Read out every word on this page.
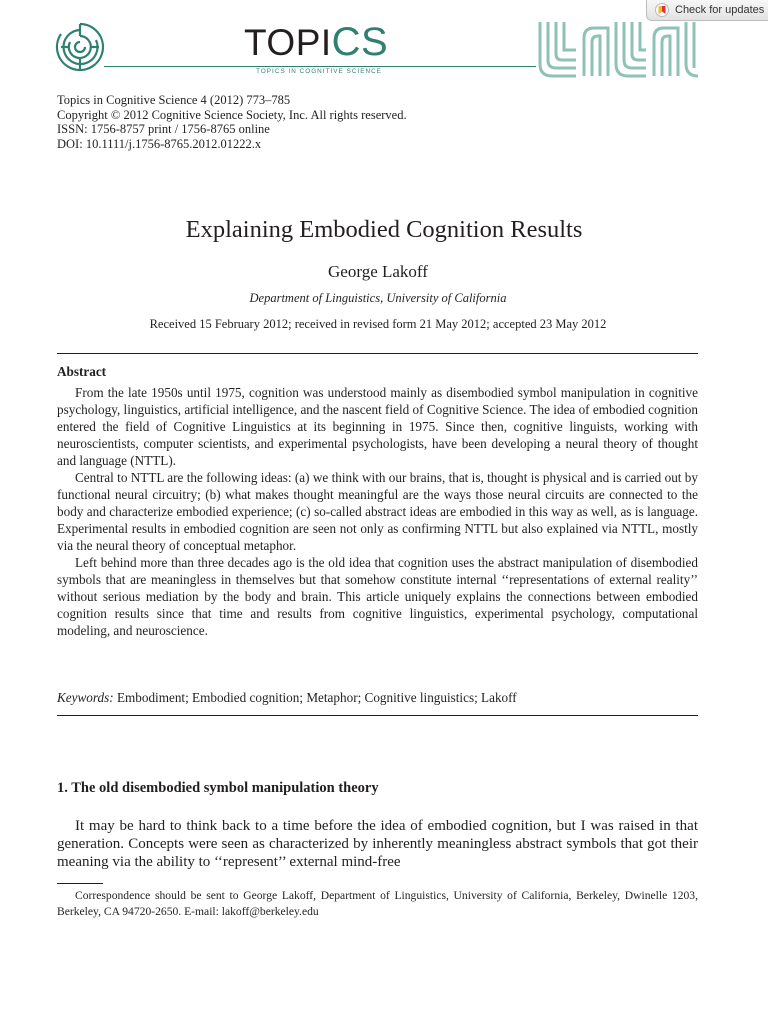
TOPICS
TOPICS IN COGNITIVE SCIENCE
Check for updates
Topics in Cognitive Science 4 (2012) 773–785
Copyright © 2012 Cognitive Science Society, Inc. All rights reserved.
ISSN: 1756-8757 print / 1756-8765 online
DOI: 10.1111/j.1756-8765.2012.01222.x
Explaining Embodied Cognition Results
George Lakoff
Department of Linguistics, University of California
Received 15 February 2012; received in revised form 21 May 2012; accepted 23 May 2012
Abstract

From the late 1950s until 1975, cognition was understood mainly as disembodied symbol manipulation in cognitive psychology, linguistics, artificial intelligence, and the nascent field of Cognitive Science. The idea of embodied cognition entered the field of Cognitive Linguistics at its beginning in 1975. Since then, cognitive linguists, working with neuroscientists, computer scientists, and experimental psychologists, have been developing a neural theory of thought and language (NTTL).

Central to NTTL are the following ideas: (a) we think with our brains, that is, thought is physical and is carried out by functional neural circuitry; (b) what makes thought meaningful are the ways those neural circuits are connected to the body and characterize embodied experience; (c) so-called abstract ideas are embodied in this way as well, as is language. Experimental results in embodied cognition are seen not only as confirming NTTL but also explained via NTTL, mostly via the neural theory of conceptual metaphor.

Left behind more than three decades ago is the old idea that cognition uses the abstract manipulation of disembodied symbols that are meaningless in themselves but that somehow constitute internal ‘‘representations of external reality’’ without serious mediation by the body and brain. This article uniquely explains the connections between embodied cognition results since that time and results from cognitive linguistics, experimental psychology, computational modeling, and neuroscience.

Keywords: Embodiment; Embodied cognition; Metaphor; Cognitive linguistics; Lakoff
1. The old disembodied symbol manipulation theory

It may be hard to think back to a time before the idea of embodied cognition, but I was raised in that generation. Concepts were seen as characterized by inherently meaningless abstract symbols that got their meaning via the ability to ‘‘represent’’ external mind-free

Correspondence should be sent to George Lakoff, Department of Linguistics, University of California, Berkeley, Dwinelle 1203, Berkeley, CA 94720-2650. E-mail: lakoff@berkeley.edu
